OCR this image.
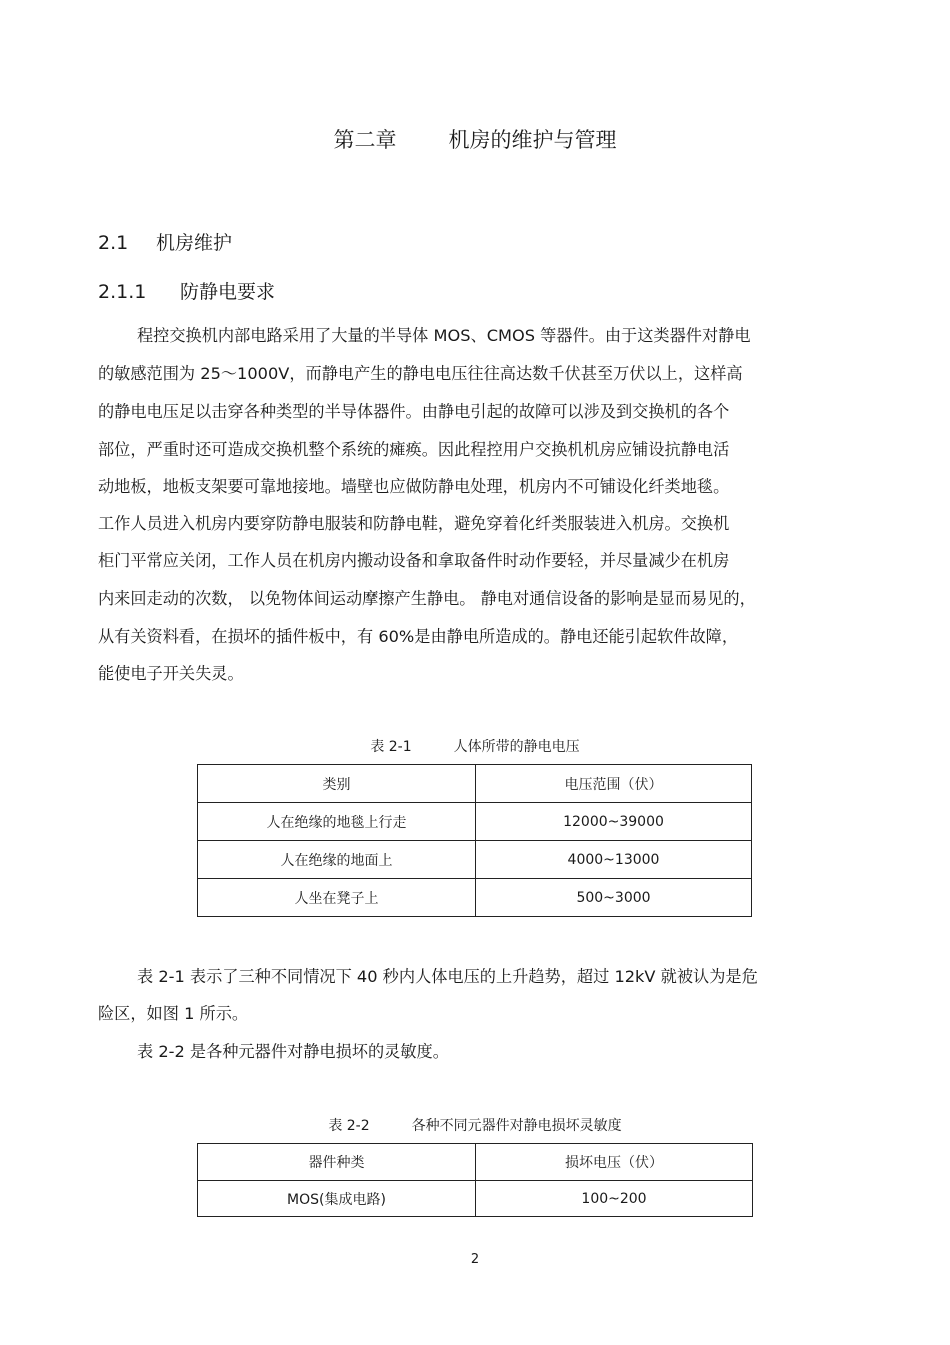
第二章 机房的维护与管理
2.1 机房维护
2.1.1 防静电要求
程控交换机内部电路采用了大量的半导体 MOS、CMOS 等器件。由于这类器件对静电
的敏感范围为 25～1000V，而静电产生的静电电压往往高达数千伏甚至万伏以上，这样高
的静电电压足以击穿各种类型的半导体器件。由静电引起的故障可以涉及到交换机的各个
部位，严重时还可造成交换机整个系统的瘫痪。因此程控用户交换机机房应铺设抗静电活
动地板，地板支架要可靠地接地。墙壁也应做防静电处理，机房内不可铺设化纤类地毯。
工作人员进入机房内要穿防静电服装和防静电鞋，避免穿着化纤类服装进入机房。交换机
柜门平常应关闭，工作人员在机房内搬动设备和拿取备件时动作要轻，并尽量减少在机房
内来回走动的次数， 以免物体间运动摩擦产生静电。 静电对通信设备的影响是显而易见的，
从有关资料看，在损坏的插件板中，有 60%是由静电所造成的。静电还能引起软件故障，
能使电子开关失灵。
表 2-1	人体所带的静电电压
类别	电压范围（伏）
人在绝缘的地毯上行走	12000~39000
人在绝缘的地面上	4000~13000
人坐在凳子上	500~3000
表 2-1 表示了三种不同情况下 40 秒内人体电压的上升趋势，超过 12kV 就被认为是危
险区，如图 1 所示。
表 2-2 是各种元器件对静电损坏的灵敏度。
表 2-2	各种不同元器件对静电损坏灵敏度
器件种类	损坏电压（伏）
MOS(集成电路)	100~200
2
